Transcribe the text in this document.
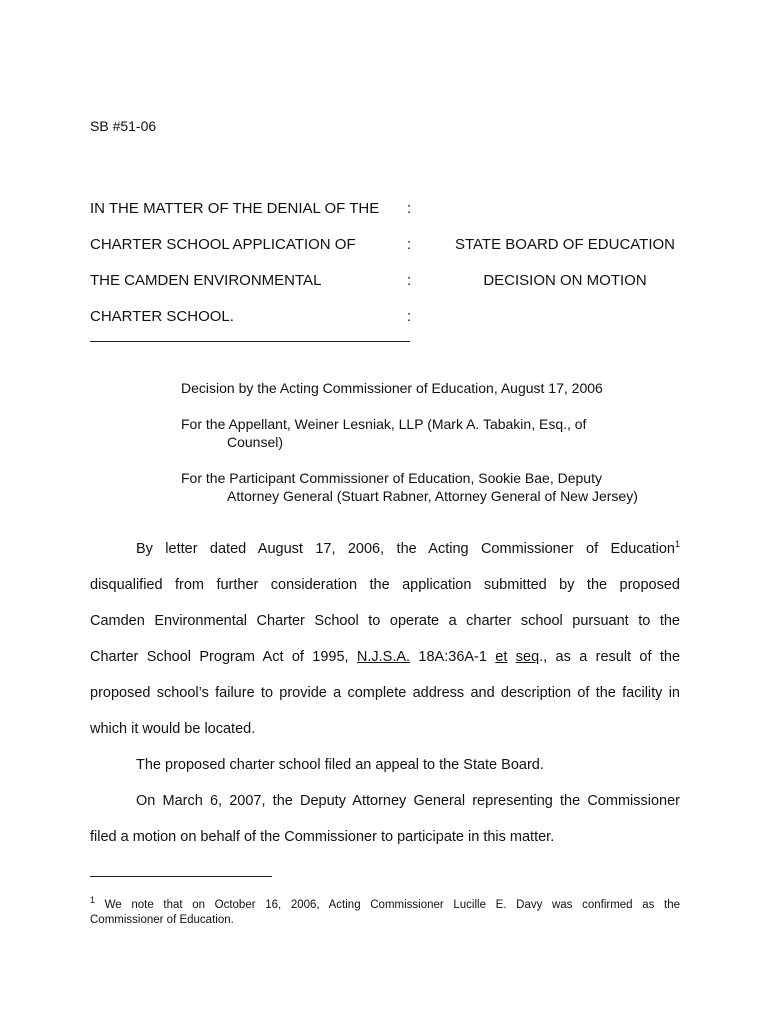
SB #51-06
IN THE MATTER OF THE DENIAL OF THE
CHARTER SCHOOL APPLICATION OF
THE CAMDEN ENVIRONMENTAL
CHARTER SCHOOL.
:
:
:
:
STATE BOARD OF EDUCATION
DECISION ON MOTION
Decision by the Acting Commissioner of Education, August 17, 2006
For the Appellant, Weiner Lesniak, LLP (Mark A. Tabakin, Esq., of
Counsel)
For the Participant Commissioner of Education, Sookie Bae, Deputy
Attorney General (Stuart Rabner, Attorney General of New Jersey)
By letter dated August 17, 2006, the Acting Commissioner of Education$^1$
disqualified from further consideration the application submitted by the proposed
Camden Environmental Charter School to operate a charter school pursuant to the
Charter School Program Act of 1995, N.J.S.A. 18A:36A-1 et seq., as a result of the
proposed school’s failure to provide a complete address and description of the facility in
which it would be located.
The proposed charter school filed an appeal to the State Board.
On March 6, 2007, the Deputy Attorney General representing the Commissioner
filed a motion on behalf of the Commissioner to participate in this matter.
$^1$ We note that on October 16, 2006, Acting Commissioner Lucille E. Davy was confirmed as the
Commissioner of Education.
